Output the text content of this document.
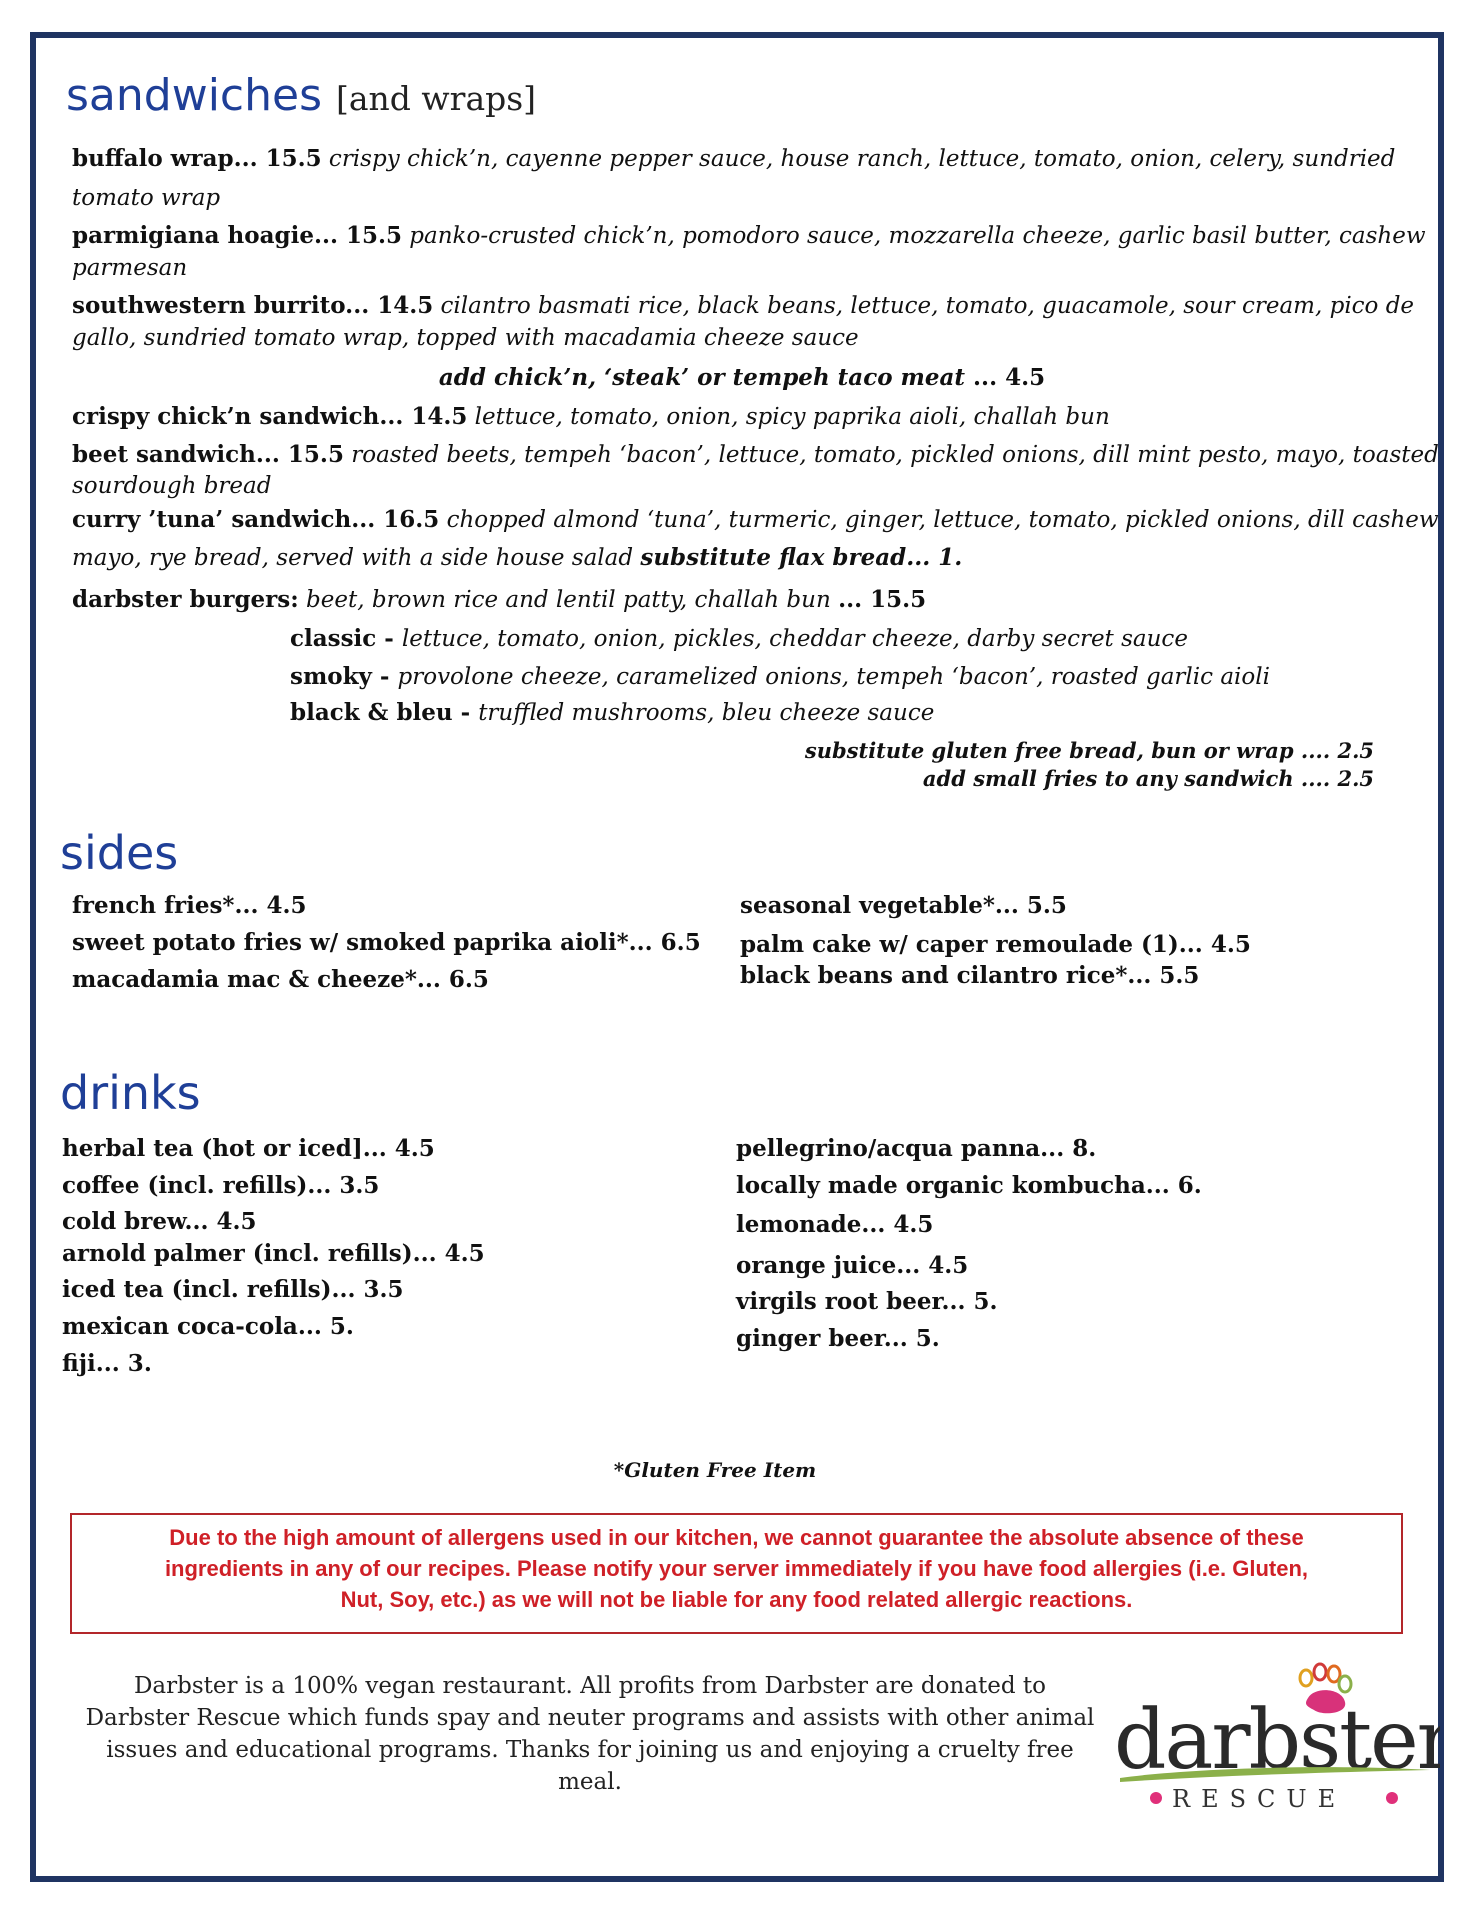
sandwiches [and wraps]
buffalo wrap... 15.5 crispy chick’n, cayenne pepper sauce, house ranch, lettuce, tomato, onion, celery, sundried
tomato wrap
parmigiana hoagie... 15.5 panko-crusted chick’n, pomodoro sauce, mozzarella cheeze, garlic basil butter, cashew
parmesan
southwestern burrito... 14.5 cilantro basmati rice, black beans, lettuce, tomato, guacamole, sour cream, pico de
gallo, sundried tomato wrap, topped with macadamia cheeze sauce
add chick’n, ‘steak’ or tempeh taco meat ... 4.5
crispy chick’n sandwich... 14.5 lettuce, tomato, onion, spicy paprika aioli, challah bun
beet sandwich... 15.5 roasted beets, tempeh ‘bacon’, lettuce, tomato, pickled onions, dill mint pesto, mayo, toasted
sourdough bread
curry ’tuna’ sandwich... 16.5 chopped almond ‘tuna’, turmeric, ginger, lettuce, tomato, pickled onions, dill cashew
mayo, rye bread, served with a side house salad substitute flax bread... 1.
darbster burgers: beet, brown rice and lentil patty, challah bun ... 15.5
classic - lettuce, tomato, onion, pickles, cheddar cheeze, darby secret sauce
smoky - provolone cheeze, caramelized onions, tempeh ‘bacon’, roasted garlic aioli
black & bleu - truffled mushrooms, bleu cheeze sauce
substitute gluten free bread, bun or wrap .... 2.5
add small fries to any sandwich .... 2.5
sides
french fries*... 4.5
sweet potato fries w/ smoked paprika aioli*... 6.5
macadamia mac & cheeze*... 6.5
seasonal vegetable*... 5.5
palm cake w/ caper remoulade (1)... 4.5
black beans and cilantro rice*... 5.5
drinks
herbal tea (hot or iced]... 4.5
coffee (incl. refills)... 3.5
cold brew... 4.5
arnold palmer (incl. refills)... 4.5
iced tea (incl. refills)... 3.5
mexican coca-cola... 5.
fiji... 3.
pellegrino/acqua panna... 8.
locally made organic kombucha... 6.
lemonade... 4.5
orange juice... 4.5
virgils root beer... 5.
ginger beer... 5.
*Gluten Free Item
Due to the high amount of allergens used in our kitchen, we cannot guarantee the absolute absence of these
ingredients in any of our recipes. Please notify your server immediately if you have food allergies (i.e. Gluten,
Nut, Soy, etc.) as we will not be liable for any food related allergic reactions.
Darbster is a 100% vegan restaurant. All profits from Darbster are donated to
Darbster Rescue which funds spay and neuter programs and assists with other animal
issues and educational programs. Thanks for joining us and enjoying a cruelty free meal.	darbster
RESCUE
